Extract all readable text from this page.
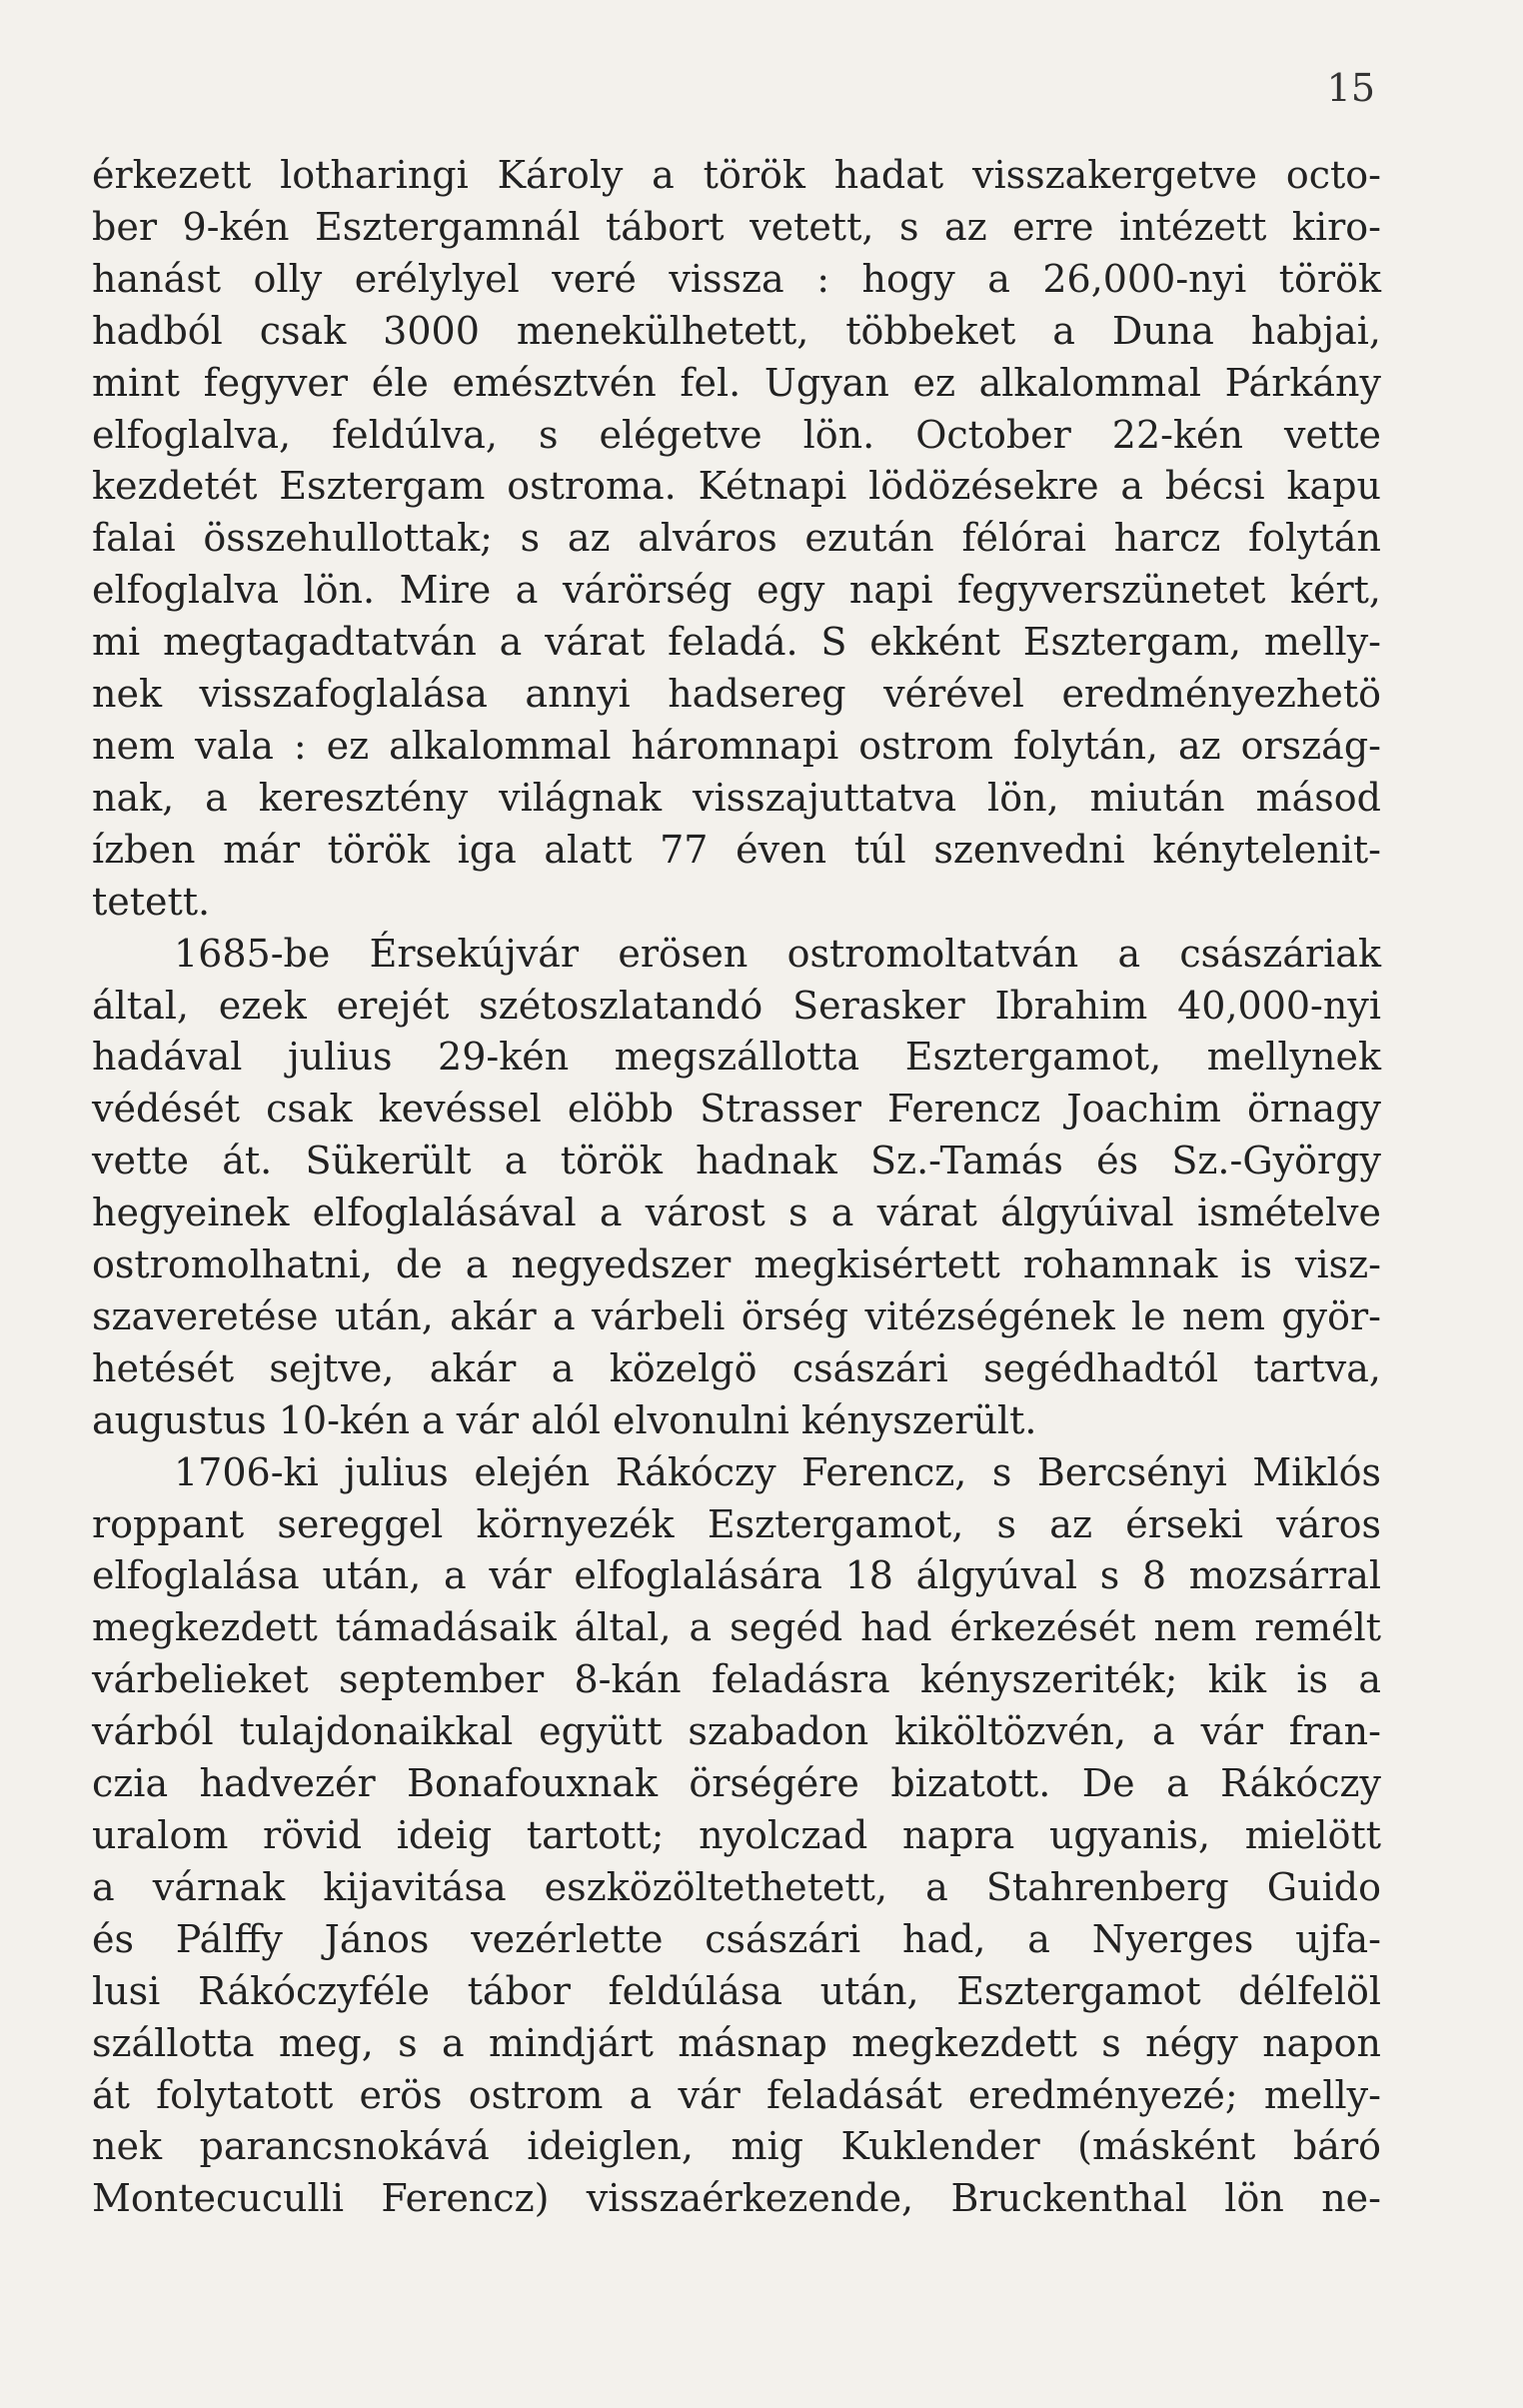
15
érkezett lotharingi Károly a török hadat visszakergetve octo-
ber 9-kén Esztergamnál tábort vetett, s az erre intézett kiro-
hanást olly erélylyel veré vissza : hogy a 26,000-nyi török
hadból csak 3000 menekülhetett, többeket a Duna habjai,
mint fegyver éle emésztvén fel. Ugyan ez alkalommal Párkány
elfoglalva, feldúlva, s elégetve lön. October 22-kén vette
kezdetét Esztergam ostroma. Kétnapi lödözésekre a bécsi kapu
falai összehullottak; s az alváros ezután félórai harcz folytán
elfoglalva lön. Mire a várörség egy napi fegyverszünetet kért,
mi megtagadtatván a várat feladá. S ekként Esztergam, melly-
nek visszafoglalása annyi hadsereg vérével eredményezhetö
nem vala : ez alkalommal háromnapi ostrom folytán, az ország-
nak, a keresztény világnak visszajuttatva lön, miután másod
ízben már török iga alatt 77 éven túl szenvedni kénytelenit-
tetett.
1685-be Érsekújvár erösen ostromoltatván a császáriak
által, ezek erejét szétoszlatandó Serasker Ibrahim 40,000-nyi
hadával julius 29-kén megszállotta Esztergamot, mellynek
védését csak kevéssel elöbb Strasser Ferencz Joachim örnagy
vette át. Sükerült a török hadnak Sz.-Tamás és Sz.-György
hegyeinek elfoglalásával a várost s a várat álgyúival ismételve
ostromolhatni, de a negyedszer megkisértett rohamnak is visz-
szaveretése után, akár a várbeli örség vitézségének le nem györ-
hetését sejtve, akár a közelgö császári segédhadtól tartva,
augustus 10-kén a vár alól elvonulni kényszerült.
1706-ki julius elején Rákóczy Ferencz, s Bercsényi Miklós
roppant sereggel környezék Esztergamot, s az érseki város
elfoglalása után, a vár elfoglalására 18 álgyúval s 8 mozsárral
megkezdett támadásaik által, a segéd had érkezését nem remélt
várbelieket september 8-kán feladásra kényszeriték; kik is a
várból tulajdonaikkal együtt szabadon kiköltözvén, a vár fran-
czia hadvezér Bonafouxnak örségére bizatott. De a Rákóczy
uralom rövid ideig tartott; nyolczad napra ugyanis, mielött
a várnak kijavitása eszközöltethetett, a Stahrenberg Guido
és Pálffy János vezérlette császári had, a Nyerges ujfa-
lusi Rákóczyféle tábor feldúlása után, Esztergamot délfelöl
szállotta meg, s a mindjárt másnap megkezdett s négy napon
át folytatott erös ostrom a vár feladását eredményezé; melly-
nek parancsnokává ideiglen, mig Kuklender (másként báró
Montecuculli Ferencz) visszaérkezende, Bruckenthal lön ne-
